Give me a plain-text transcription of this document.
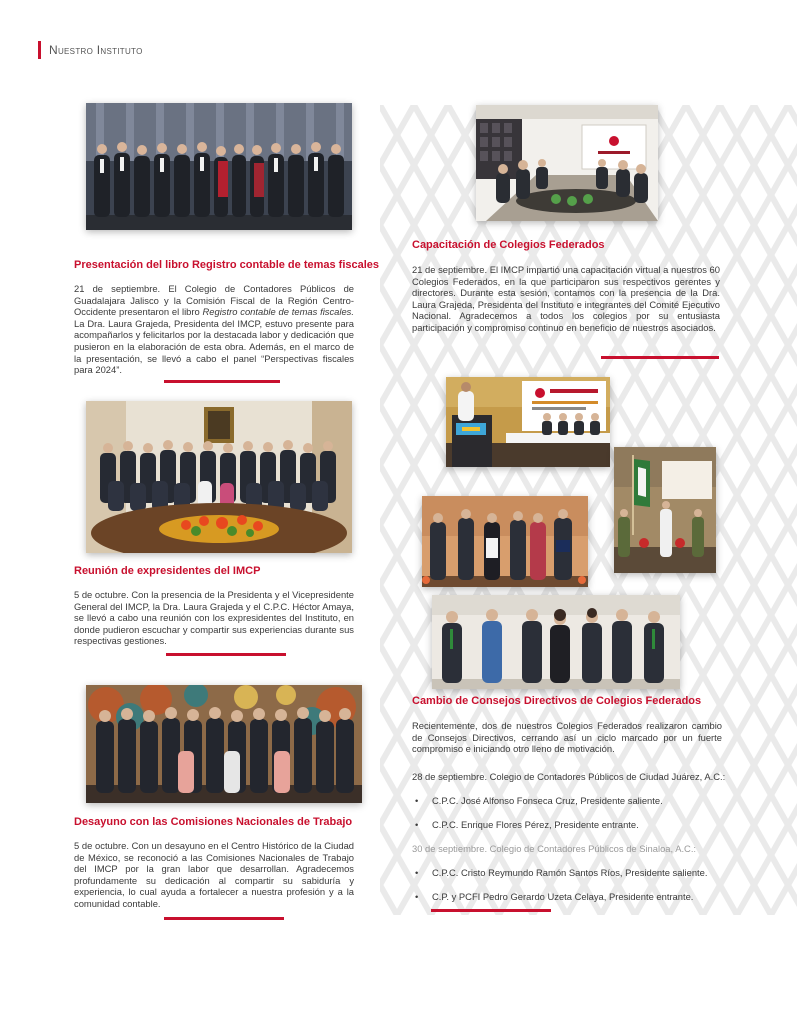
Nuestro Instituto
Presentación del libro Registro contable de temas fiscales

21 de septiembre. El Colegio de Contadores Públicos de Guadalajara Jalisco y la Comisión Fiscal de la Región Centro-Occidente presentaron el libro Registro contable de temas fiscales. La Dra. Laura Grajeda, Presidenta del IMCP, estuvo presente para acompañarlos y felicitarlos por la destacada labor y dedicación que pusieron en la elaboración de esta obra. Además, en el marco de la presentación, se llevó a cabo el panel “Perspectivas fiscales para 2024”.

Reunión de expresidentes del IMCP
5 de octubre. Con la presencia de la Presidenta y el Vicepresidente General del IMCP, la Dra. Laura Grajeda y el C.P.C. Héctor Amaya, se llevó a cabo una reunión con los expresidentes del Instituto, en donde pudieron escuchar y compartir sus experiencias durante sus respectivas gestiones.
Desayuno con las Comisiones Nacionales de Trabajo
5 de octubre. Con un desayuno en el Centro Histórico de la Ciudad de México, se reconoció a las Comisiones Nacionales de Trabajo del IMCP por la gran labor que desarrollan. Agradecemos profundamente su dedicación al compartir su sabiduría y experiencia, lo cual ayuda a fortalecer a nuestra profesión y a la comunidad contable.
Capacitación de Colegios Federados
21 de septiembre. El IMCP impartió una capacitación virtual a nuestros 60 Colegios Federados, en la que participaron sus respectivos gerentes y directores. Durante esta sesión, contamos con la presencia de la Dra. Laura Grajeda, Presidenta del Instituto e integrantes del Comité Ejecutivo Nacional. Agradecemos a todos los colegios por su entusiasta participación y compromiso continuo en beneficio de nuestros asociados.
Cambio de Consejos Directivos de Colegios Federados
Recientemente, dos de nuestros Colegios Federados realizaron cambio de Consejos Directivos, cerrando así un ciclo marcado por un fuerte compromiso e iniciando otro lleno de motivación.
28 de septiembre. Colegio de Contadores Públicos de Ciudad Juárez, A.C.:
• C.P.C. José Alfonso Fonseca Cruz, Presidente saliente.
• C.P.C. Enrique Flores Pérez, Presidente entrante.
30 de septiembre. Colegio de Contadores Públicos de Sinaloa, A.C.:
• C.P.C. Cristo Reymundo Ramón Santos Ríos, Presidente saliente.
• C.P. y PCFI Pedro Gerardo Uzeta Celaya, Presidente entrante.
